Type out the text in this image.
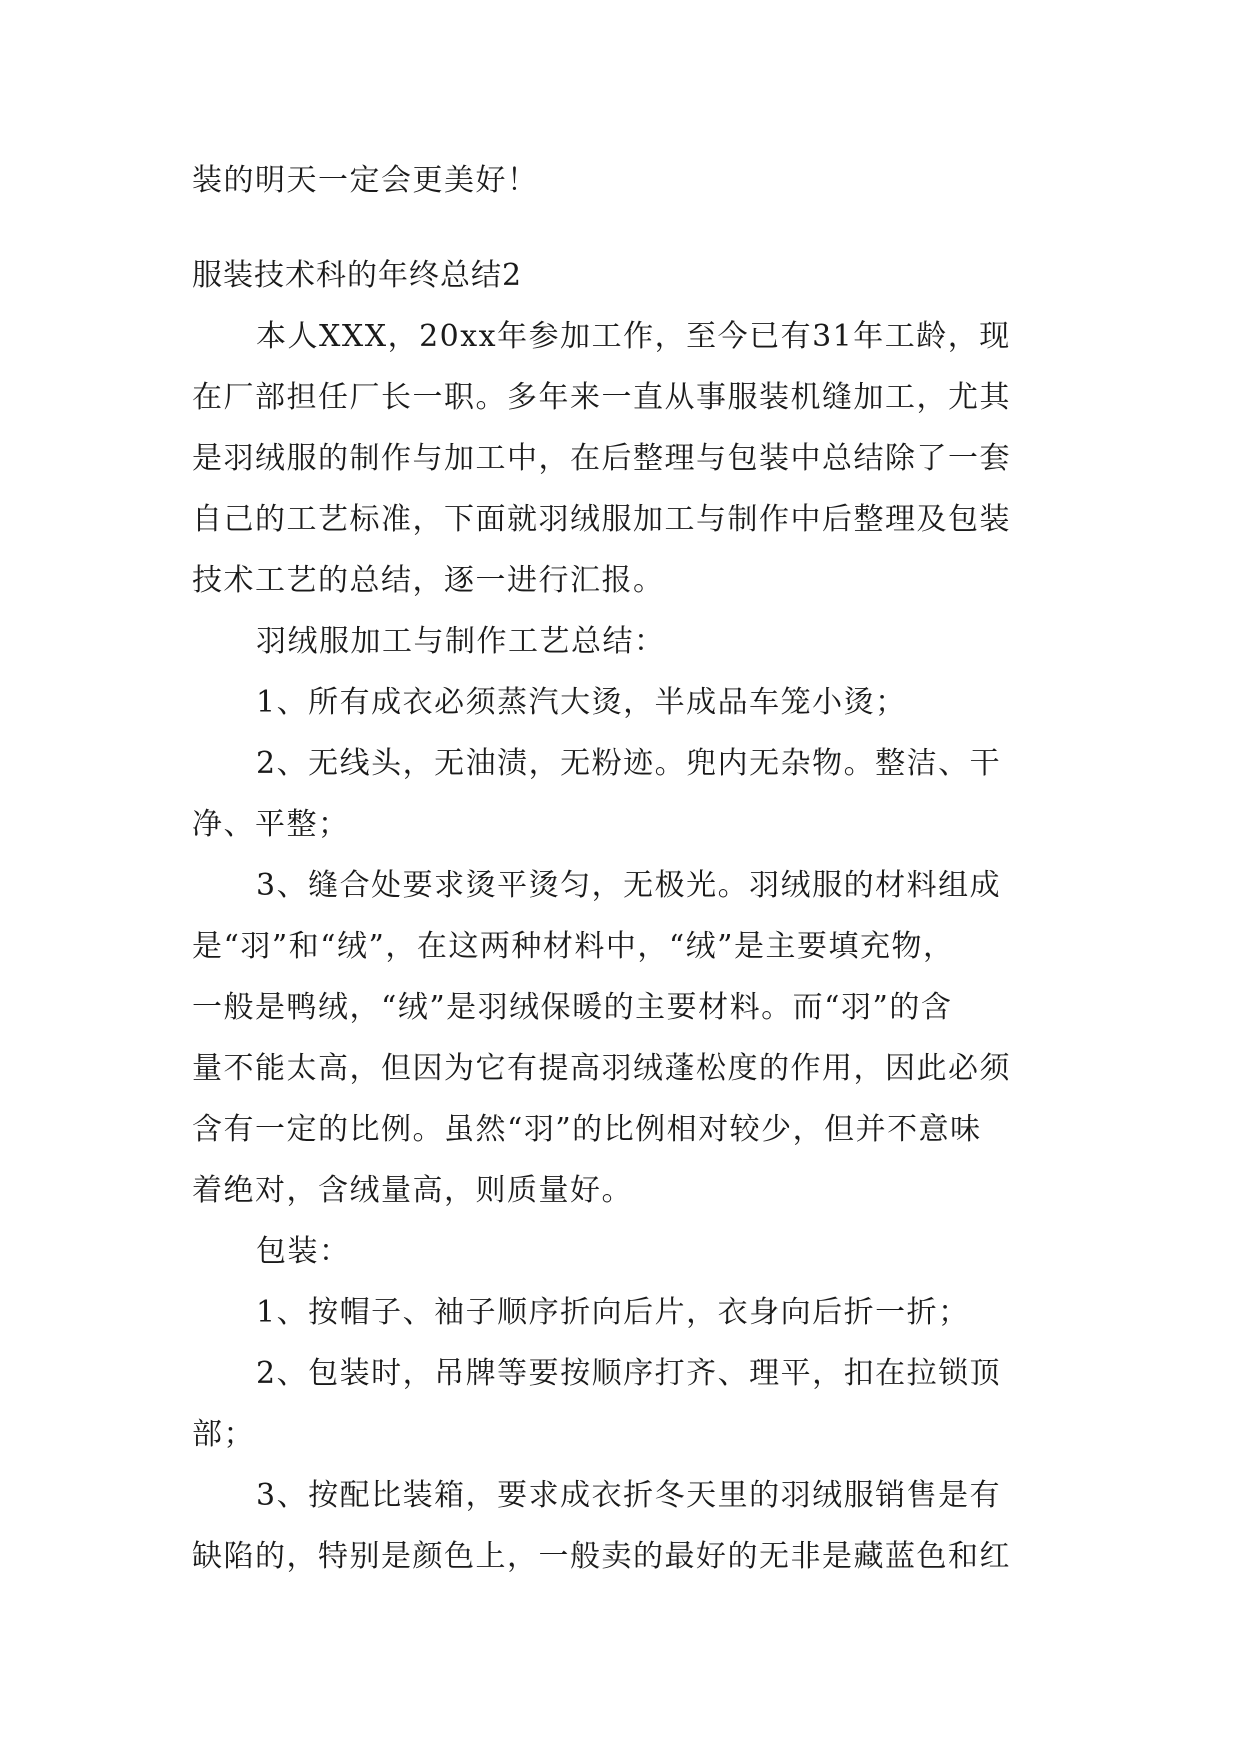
装的明天一定会更美好！
服装技术科的年终总结2
本人XXX，20xx年参加工作，至今已有31年工龄，现
在厂部担任厂长一职。多年来一直从事服装机缝加工，尤其
是羽绒服的制作与加工中，在后整理与包装中总结除了一套
自己的工艺标准，下面就羽绒服加工与制作中后整理及包装
技术工艺的总结，逐一进行汇报。
羽绒服加工与制作工艺总结：
1、所有成衣必须蒸汽大烫，半成品车笼小烫；
2、无线头，无油渍，无粉迹。兜内无杂物。整洁、干
净、平整；
3、缝合处要求烫平烫匀，无极光。羽绒服的材料组成
是“羽”和“绒”，在这两种材料中，“绒”是主要填充物，
一般是鸭绒，“绒”是羽绒保暖的主要材料。而“羽”的含
量不能太高，但因为它有提高羽绒蓬松度的作用，因此必须
含有一定的比例。虽然“羽”的比例相对较少，但并不意味
着绝对，含绒量高，则质量好。
包装：
1、按帽子、袖子顺序折向后片，衣身向后折一折；
2、包装时，吊牌等要按顺序打齐、理平，扣在拉锁顶
部；
3、按配比装箱，要求成衣折冬天里的羽绒服销售是有
缺陷的，特别是颜色上，一般卖的最好的无非是藏蓝色和红
